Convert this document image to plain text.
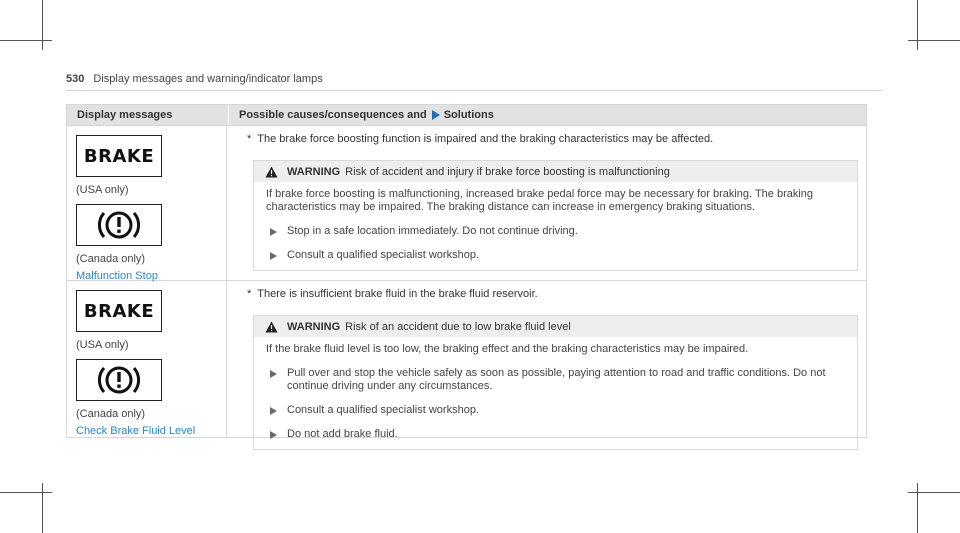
530 Display messages and warning/indicator lamps
Display messages	Possible causes/consequences and Solutions
BRAKE
(USA only)
(Canada only)
Malfunction Stop
* The brake force boosting function is impaired and the braking characteristics may be affected.
WARNING Risk of accident and injury if brake force boosting is malfunctioning
If brake force boosting is malfunctioning, increased brake pedal force may be necessary for braking. The braking characteristics may be impaired. The braking distance can increase in emergency braking situations.
Stop in a safe location immediately. Do not continue driving.
Consult a qualified specialist workshop.
BRAKE
(USA only)
(Canada only)
Check Brake Fluid Level
* There is insufficient brake fluid in the brake fluid reservoir.
WARNING Risk of an accident due to low brake fluid level
If the brake fluid level is too low, the braking effect and the braking characteristics may be impaired.
Pull over and stop the vehicle safely as soon as possible, paying attention to road and traffic conditions. Do not continue driving under any circumstances.
Consult a qualified specialist workshop.
Do not add brake fluid.
